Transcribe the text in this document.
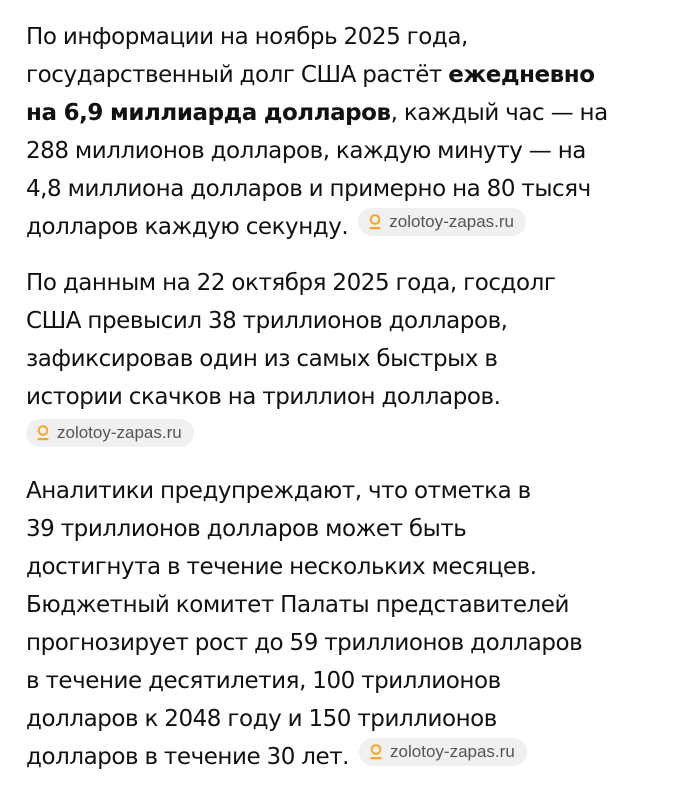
По информации на ноябрь 2025 года,
государственный долг США растёт ежедневно
на 6,9 миллиарда долларов, каждый час — на
288 миллионов долларов, каждую минуту — на
4,8 миллиона долларов и примерно на 80 тысяч
долларов каждую секунду. zolotoy-zapas.ru

По данным на 22 октября 2025 года, госдолг
США превысил 38 триллионов долларов,
зафиксировав один из самых быстрых в
истории скачков на триллион долларов.
zolotoy-zapas.ru

Аналитики предупреждают, что отметка в
39 триллионов долларов может быть
достигнута в течение нескольких месяцев.
Бюджетный комитет Палаты представителей
прогнозирует рост до 59 триллионов долларов
в течение десятилетия, 100 триллионов
долларов к 2048 году и 150 триллионов
долларов в течение 30 лет. zolotoy-zapas.ru
